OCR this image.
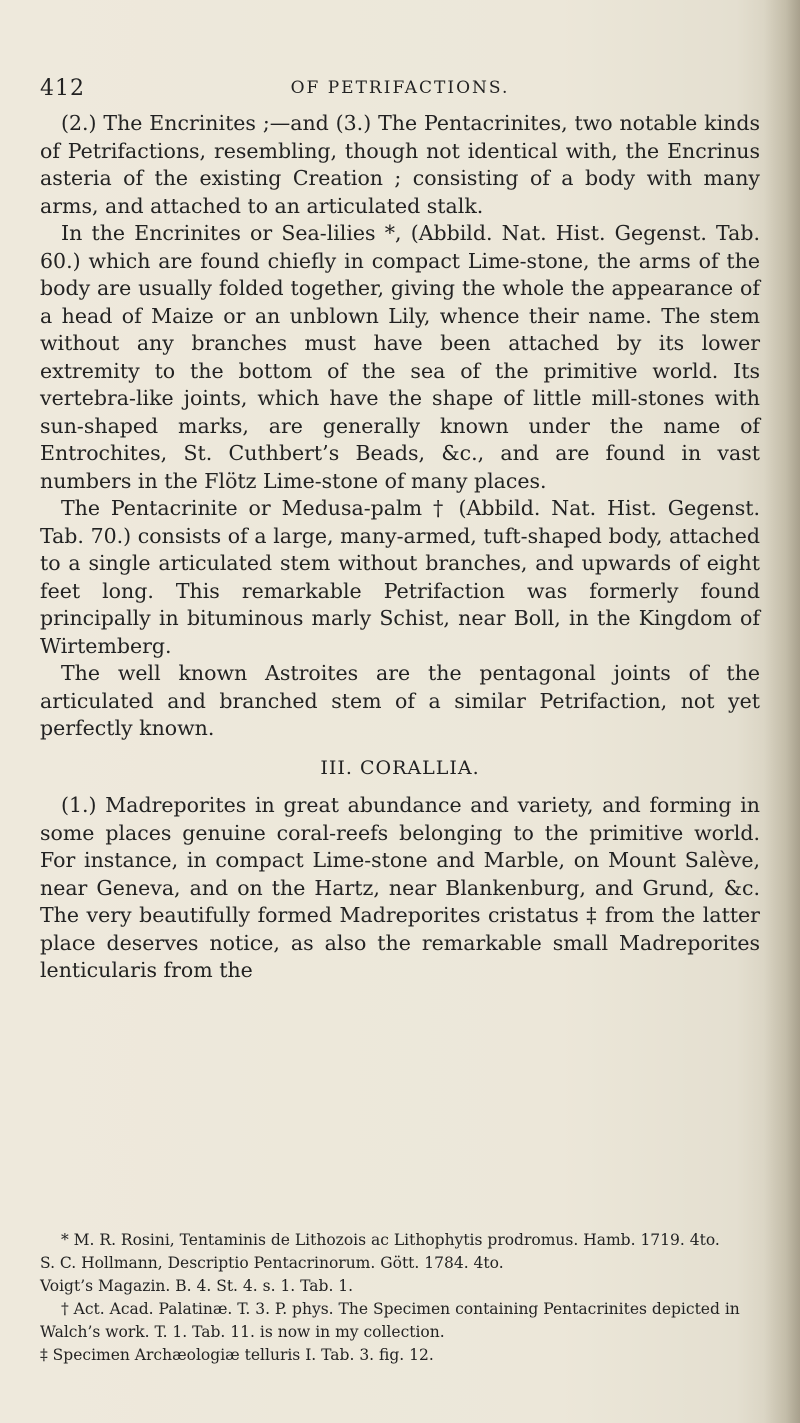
412	OF PETRIFACTIONS.

(2.) The Encrinites ;—and (3.) The Pentacrinites, two notable kinds of Petrifactions, resembling, though not identical with, the Encrinus asteria of the existing Creation ; consisting of a body with many arms, and attached to an articulated stalk.

In the Encrinites or Sea-lilies *, (Abbild. Nat. Hist. Gegenst. Tab. 60.) which are found chiefly in compact Lime-stone, the arms of the body are usually folded together, giving the whole the appearance of a head of Maize or an unblown Lily, whence their name. The stem without any branches must have been attached by its lower extremity to the bottom of the sea of the primitive world. Its vertebra-like joints, which have the shape of little mill-stones with sun-shaped marks, are generally known under the name of Entrochites, St. Cuthbert’s Beads, &c., and are found in vast numbers in the Flötz Lime-stone of many places.

The Pentacrinite or Medusa-palm † (Abbild. Nat. Hist. Gegenst. Tab. 70.) consists of a large, many-armed, tuft-shaped body, attached to a single articulated stem without branches, and upwards of eight feet long. This remarkable Petrifaction was formerly found principally in bituminous marly Schist, near Boll, in the Kingdom of Wirtemberg.

The well known Astroites are the pentagonal joints of the articulated and branched stem of a similar Petrifaction, not yet perfectly known.

III. CORALLIA.

(1.) Madreporites in great abundance and variety, and forming in some places genuine coral-reefs belonging to the primitive world. For instance, in compact Lime-stone and Marble, on Mount Salève, near Geneva, and on the Hartz, near Blankenburg, and Grund, &c. The very beautifully formed Madreporites cristatus ‡ from the latter place deserves notice, as also the remarkable small Madreporites lenticularis from the

* M. R. Rosini, Tentaminis de Lithozois ac Lithophytis prodromus. Hamb. 1719. 4to.

S. C. Hollmann, Descriptio Pentacrinorum. Gött. 1784. 4to.

Voigt’s Magazin. B. 4. St. 4. s. 1. Tab. 1.

† Act. Acad. Palatinæ. T. 3. P. phys. The Specimen containing Pentacrinites depicted in Walch’s work. T. 1. Tab. 11. is now in my collection.

‡ Specimen Archæologiæ telluris I. Tab. 3. fig. 12.
